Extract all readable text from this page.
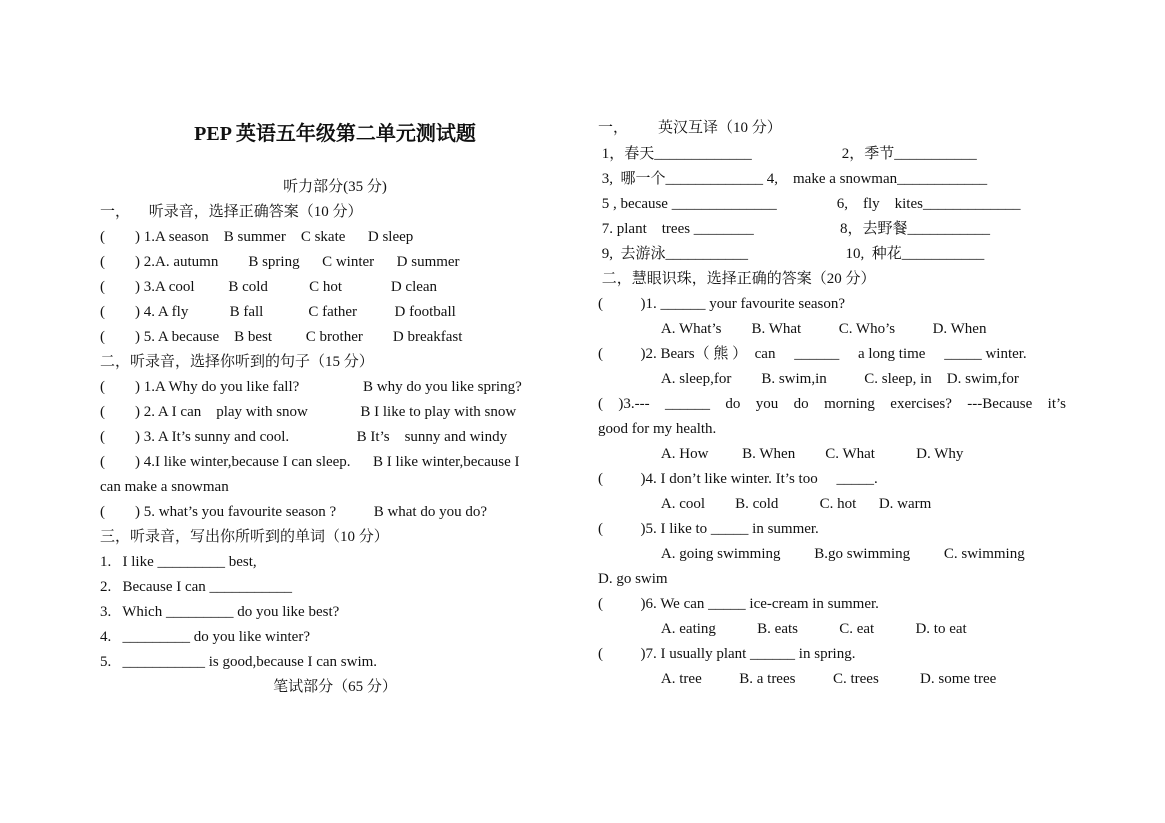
PEP 英语五年级第二单元测试题
听力部分(35 分)
一，     听录音，选择正确答案（10 分）
(        ) 1.A season    B summer    C skate      D sleep
(        ) 2.A. autumn        B spring      C winter      D summer
(        ) 3.A cool         B cold           C hot             D clean
(        ) 4. A fly           B fall            C father          D football
(        ) 5. A because    B best         C brother        D breakfast
二，听录音，选择你听到的句子（15 分）
(        ) 1.A Why do you like fall?                 B why do you like spring?
(        ) 2. A I can    play with snow              B I like to play with snow
(        ) 3. A It’s sunny and cool.                  B It’s    sunny and windy
(        ) 4.I like winter,because I can sleep.      B I like winter,because I
can make a snowman
(        ) 5. what’s you favourite season ?          B what do you do?
三，听录音，写出你所听到的单词（10 分）
1.   I like _________ best,
2.   Because I can ___________
3.   Which _________ do you like best?
4.   _________ do you like winter?
5.   ___________ is good,because I can swim.
笔试部分（65 分）
一，        英汉互译（10 分）
1，春天_____________                        2，季节___________
3,  哪一个_____________ 4,    make a snowman____________
5 , because ______________                6,    fly    kites_____________
7. plant    trees ________                       8，去野餐___________
9,  去游泳___________                          10,  种花___________
二，慧眼识珠，选择正确的答案（20 分）
(          )1. ______ your favourite season?
A. What’s        B. What          C. Who’s          D. When
(          )2. Bears（ 熊 ）  can     ______     a long time     _____ winter.
A. sleep,for        B. swim,in          C. sleep, in    D. swim,for
( )3.--- ______ do you do morning exercises? ---Because it’s
good for my health.
A. How         B. When        C. What           D. Why
(          )4. I don’t like winter. It’s too     _____.
A. cool        B. cold           C. hot      D. warm
(          )5. I like to _____ in summer.
A. going swimming         B.go swimming         C. swimming
D. go swim
(          )6. We can _____ ice-cream in summer.
A. eating           B. eats           C. eat           D. to eat
(          )7. I usually plant ______ in spring.
A. tree          B. a trees          C. trees           D. some tree
